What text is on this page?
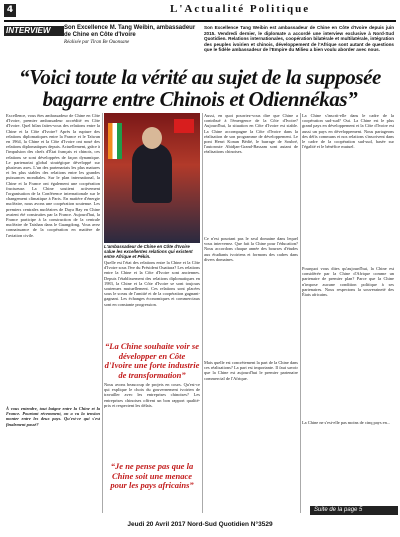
4	L'Actualité Politique
INTERVIEW	Son Excellence M. Tang Weibin, ambassadeur de Chine en Côte d'Ivoire
Réalisée par Tiran Be Ouonsane
Son Excellence Tang Weibin est ambassadeur de Chine en Côte d'Ivoire depuis juin 2015. Vendredi dernier, le diplomate a accordé une interview exclusive à Nord-Sud Quotidien. Relations internationales, coopération bilatérale et multilatérale, intégration des peuples ivoirien et chinois, développement de l'Afrique sont autant de questions que le fidèle ambassadeur de l'Empire du Milieu a bien voulu aborder avec nous.
“Voici toute la vérité au sujet de la supposée bagarre entre Chinois et Odiennékas”
Excellence, vous êtes ambassadeur de Chine en Côte d'Ivoire, premier ambassadeur accrédité en Côte d'Ivoire. Quel bilan faites-vous des relations entre la Chine et la Côte d'Ivoire? Après la rupture des relations diplomatiques entre la France et le Taïwan en 1964, la Chine et la Côte d'Ivoire ont noué des relations diplomatiques depuis. Actuellement, grâce à l'impulsion des chefs d'État français et chinois, ces relations se sont développées de façon dynamique. Le partenariat global stratégique développé sur plusieurs axes. L'un des partenariats les plus matures et les plus stables des relations entre les grandes puissances mondiales. Sur le plan international, la Chine et la France ont également une coopération fructueuse. La Chine soutient activement l'organisation de la Conférence internationale sur le changement climatique à Paris. En matière d'énergie nucléaire, nous avons une coopération soutenue. Les premiers centrales nucléaires de Daya Bay en Chine avaient été construites par la France. Aujourd'hui, la France participe à la construction de la centrale nucléaire de Taishan dans le Guangdong. Vous avez connaissance de la coopération en matière de l'aviation civile.
À vous entendre, tout baigne entre la Chine et la France. Pourtant récemment, on a vu la tension monter entre les deux pays. Qu'est-ce qui s'est finalement passé?
L'ambassadeur de Chine en Côte d'Ivoire salue les excellentes relations qui existent entre Afrique et Pékin.
Quelle est l'état des relations entre la Chine et la Côte d'Ivoire sous l'ère du Président Ouattara? Les relations entre la Chine et la Côte d'Ivoire sont anciennes. Depuis l'établissement des relations diplomatiques en 1983, la Chine et la Côte d'Ivoire se sont toujours soutenues mutuellement. Ces relations sont placées sous le sceau de l'amitié et de la coopération gagnant-gagnant. Les échanges économiques et commerciaux sont en constante progression.
“La Chine souhaite voir se développer en Côte d'Ivoire une forte industrie de transformation”
Nous avons beaucoup de projets en cours. Qu'est-ce qui explique le choix du gouvernement ivoirien de travailler avec les entreprises chinoises? Les entreprises chinoises offrent un bon rapport qualité-prix et respectent les délais.
“Je ne pense pas que la Chine soit une menace pour les pays africains”
Aussi, en quoi pourriez-vous dire que Chine a contribué à l'émergence de la Côte d'Ivoire? Aujourd'hui, la situation en Côte d'Ivoire est stable. La Chine accompagne la Côte d'Ivoire dans la réalisation de son programme de développement. Le pont Henri Konan Bédié, le barrage de Soubré, l'autoroute Abidjan-Grand-Bassam sont autant de réalisations chinoises.
Ce n'est pourtant pas le seul domaine dans lequel vous intervenez. Que fait la Chine pour l'éducation? Nous accordons chaque année des bourses d'études aux étudiants ivoiriens et formons des cadres dans divers domaines.
Mais quelle est concrètement la part de la Chine dans ces réalisations? La part est importante. Il faut savoir que la Chine est aujourd'hui le premier partenaire commercial de l'Afrique.
La Chine s'inscrit-elle dans le cadre de la coopération sud-sud? Oui. La Chine est le plus grand pays en développement et la Côte d'Ivoire est aussi un pays en développement. Nous partageons des défis communs et nos relations s'inscrivent dans le cadre de la coopération sud-sud, basée sur l'égalité et le bénéfice mutuel.
Pourquoi vous dites qu'aujourd'hui, la Chine est considérée par la Chine d'Afrique comme un partenaire de premier plan? Parce que la Chine n'impose aucune condition politique à ses partenaires. Nous respectons la souveraineté des États africains.
La Chine ne s'est-elle pas moins de cinq pays en...
Suite de la page 5
Jeudi 20 Avril 2017 Nord-Sud Quotidien N°3529
